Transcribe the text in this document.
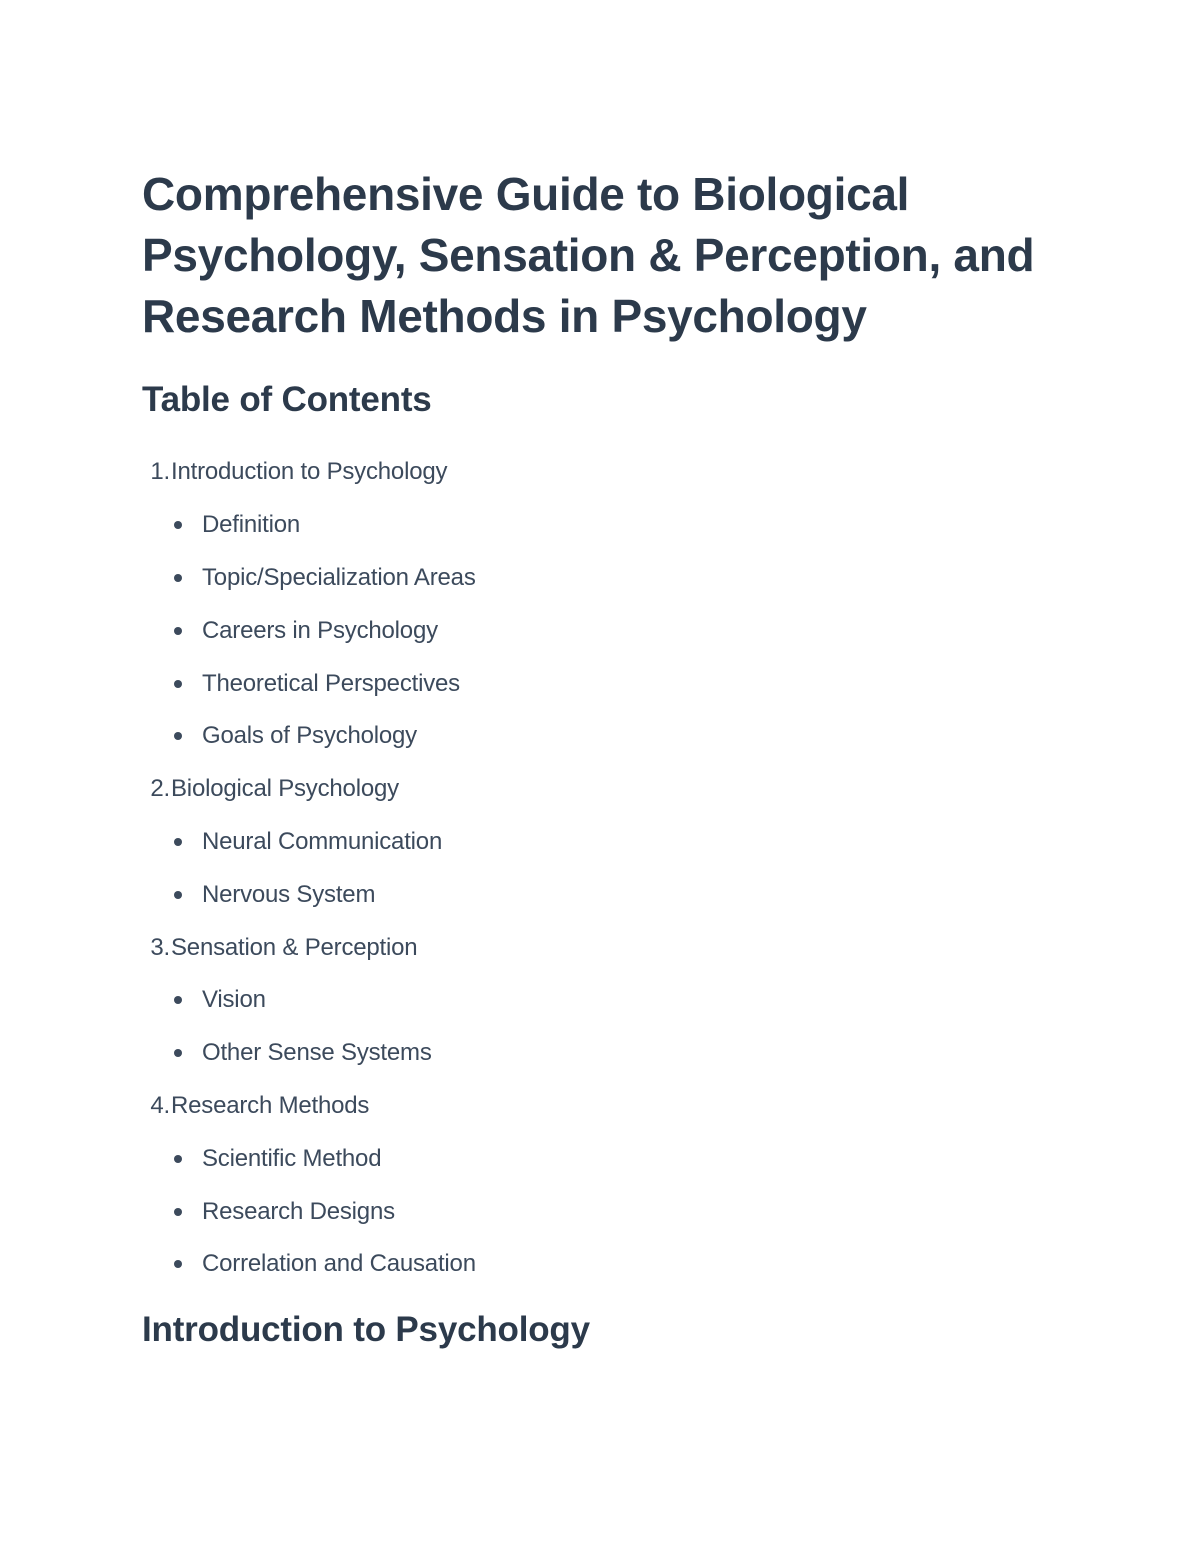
Comprehensive Guide to Biological Psychology, Sensation & Perception, and Research Methods in Psychology
Table of Contents
1. Introduction to Psychology
Definition
Topic/Specialization Areas
Careers in Psychology
Theoretical Perspectives
Goals of Psychology
2. Biological Psychology
Neural Communication
Nervous System
3. Sensation & Perception
Vision
Other Sense Systems
4. Research Methods
Scientific Method
Research Designs
Correlation and Causation
Introduction to Psychology
